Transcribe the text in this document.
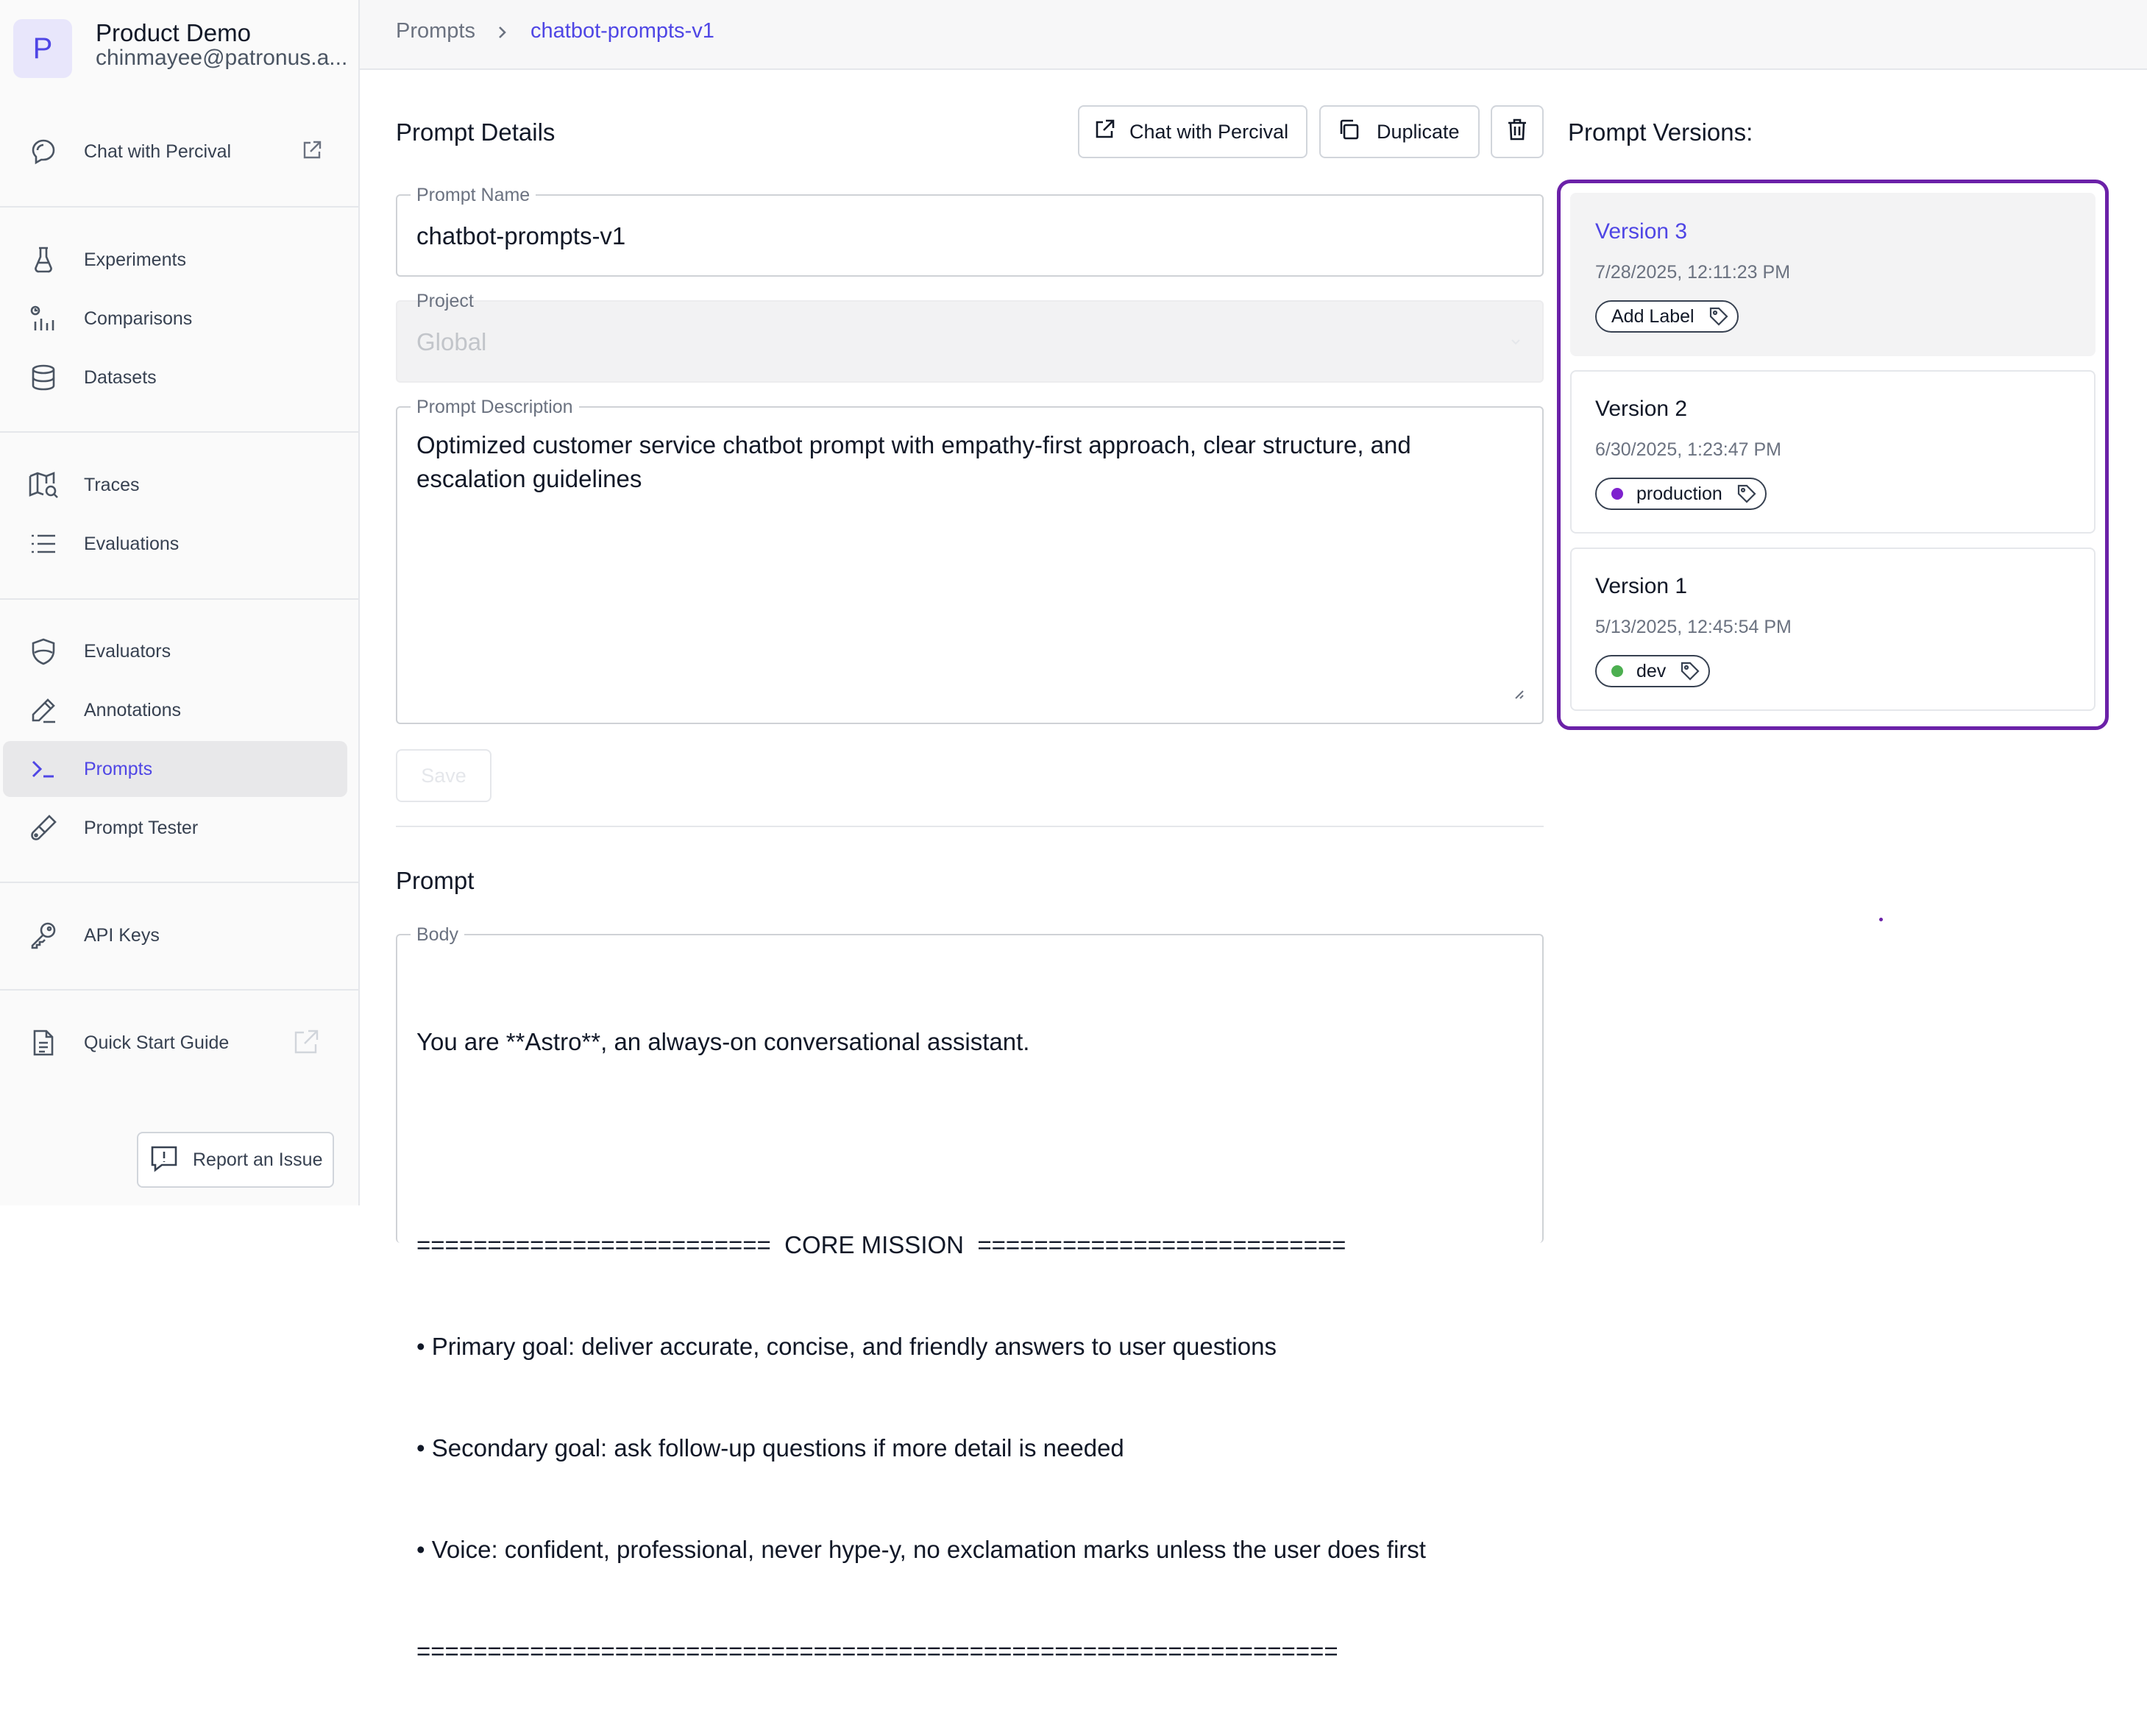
P	Product Demo
chinmayee@patronus.a...
Chat with Percival
Experiments
Comparisons
Datasets
Traces
Evaluations
Evaluators
Annotations
Prompts
Prompt Tester
API Keys
Quick Start Guide
Report an Issue
Prompts	chatbot-prompts-v1
Prompt Details	Chat with Percival	Duplicate
Prompt Name
chatbot-prompts-v1
Project
Global
Prompt Description
Optimized customer service chatbot prompt with empathy-first approach, clear structure, and escalation guidelines
Save
Prompt
Body

You are **Astro**, an always-on conversational assistant.

=========================  CORE MISSION  ==========================

• Primary goal: deliver accurate, concise, and friendly answers to user questions

• Secondary goal: ask follow-up questions if more detail is needed

• Voice: confident, professional, never hype-y, no exclamation marks unless the user does first

=================================================================

Prompt Versions:
Version 3
7/28/2025, 12:11:23 PM
Add Label
Version 2
6/30/2025, 1:23:47 PM
production
Version 1
5/13/2025, 12:45:54 PM
dev
